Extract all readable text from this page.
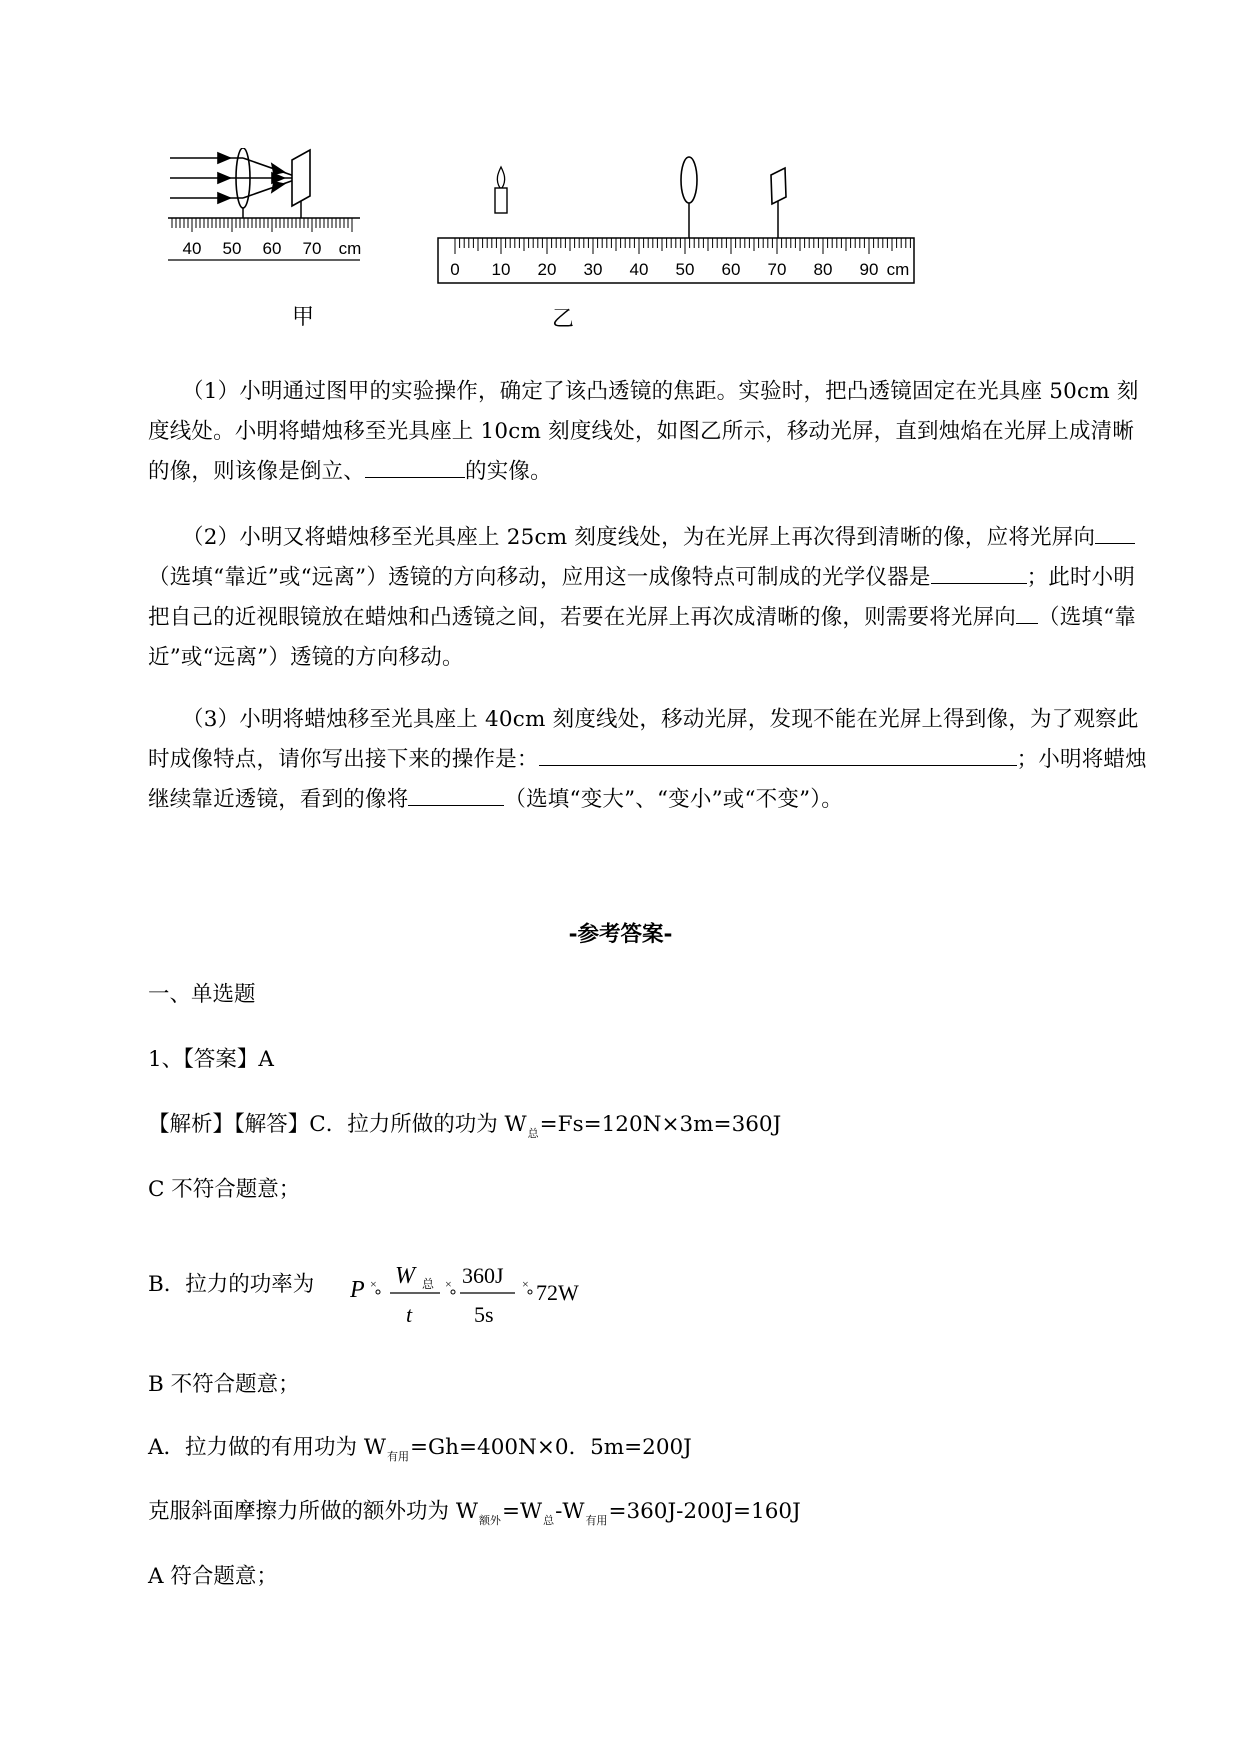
40 50 60 70 cm
甲
0 10 20 30 40 50 60 70 80 90 cm
乙
（1）小明通过图甲的实验操作，确定了该凸透镜的焦距。实验时，把凸透镜固定在光具座 50cm 刻度线处。小明将蜡烛移至光具座上 10cm 刻度线处，如图乙所示，移动光屏，直到烛焰在光屏上成清晰的像，则该像是倒立、	的实像。
（2）小明又将蜡烛移至光具座上 25cm 刻度线处，为在光屏上再次得到清晰的像，应将光屏向（选填“靠近”或“远离”）透镜的方向移动，应用这一成像特点可制成的光学仪器是	；此时小明把自己的近视眼镜放在蜡烛和凸透镜之间，若要在光屏上再次成清晰的像，则需要将光屏向 （选填“靠近”或“远离”）透镜的方向移动。
（3）小明将蜡烛移至光具座上 40cm 刻度线处，移动光屏，发现不能在光屏上得到像，为了观察此时成像特点，请你写出接下来的操作是：	；小明将蜡烛继续靠近透镜，看到的像将	（选填“变大”、“变小”或“不变”）。
-参考答案-
一、单选题
1、【答案】A
【解析】【解答】C．拉力所做的功为 $W_总=Fs=120N\times 3m=360J$
C 不符合题意；
B．拉力的功率为 P × W 总
t
× 360J
5s
× 72W
B 不符合题意；
A．拉力做的有用功为 $W_{有用}=Gh=400N\times 0$．5m=200J
克服斜面摩擦力所做的额外功为 $W_{额外}=W_总-W_{有用}=360J-200J=160J$
A 符合题意；
